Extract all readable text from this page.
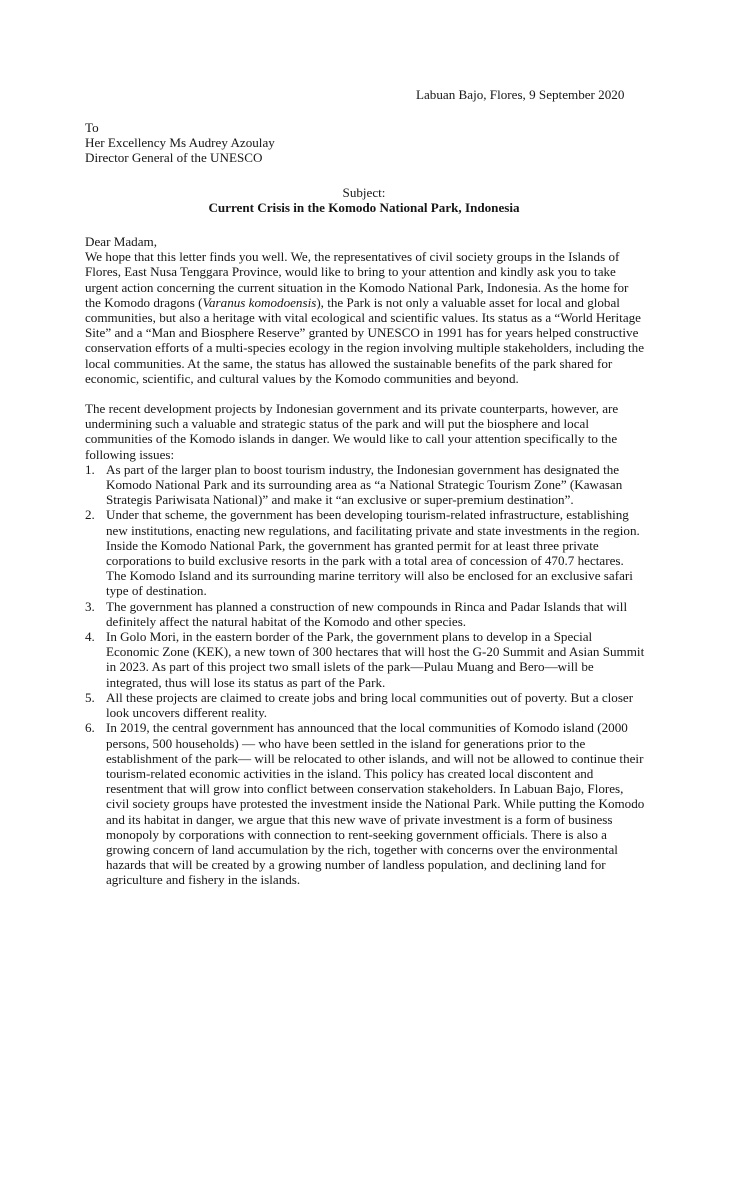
Labuan Bajo, Flores, 9 September 2020
To
Her Excellency Ms Audrey Azoulay
Director General of the UNESCO
Subject:
Current Crisis in the Komodo National Park, Indonesia

Dear Madam,

We hope that this letter finds you well. We, the representatives of civil society groups in the Islands of Flores, East Nusa Tenggara Province, would like to bring to your attention and kindly ask you to take urgent action concerning the current situation in the Komodo National Park, Indonesia. As the home for the Komodo dragons (Varanus komodoensis), the Park is not only a valuable asset for local and global communities, but also a heritage with vital ecological and scientific values. Its status as a “World Heritage Site” and a “Man and Biosphere Reserve” granted by UNESCO in 1991 has for years helped constructive conservation efforts of a multi-species ecology in the region involving multiple stakeholders, including the local communities. At the same, the status has allowed the sustainable benefits of the park shared for economic, scientific, and cultural values by the Komodo communities and beyond.

The recent development projects by Indonesian government and its private counterparts, however, are undermining such a valuable and strategic status of the park and will put the biosphere and local communities of the Komodo islands in danger. We would like to call your attention specifically to the following issues:

1. As part of the larger plan to boost tourism industry, the Indonesian government has designated the Komodo National Park and its surrounding area as “a National Strategic Tourism Zone” (Kawasan Strategis Pariwisata National)” and make it “an exclusive or super-premium destination”.
2. Under that scheme, the government has been developing tourism-related infrastructure, establishing new institutions, enacting new regulations, and facilitating private and state investments in the region. Inside the Komodo National Park, the government has granted permit for at least three private corporations to build exclusive resorts in the park with a total area of concession of 470.7 hectares. The Komodo Island and its surrounding marine territory will also be enclosed for an exclusive safari type of destination.
3. The government has planned a construction of new compounds in Rinca and Padar Islands that will definitely affect the natural habitat of the Komodo and other species.
4. In Golo Mori, in the eastern border of the Park, the government plans to develop in a Special Economic Zone (KEK), a new town of 300 hectares that will host the G-20 Summit and Asian Summit in 2023. As part of this project two small islets of the park—Pulau Muang and Bero—will be integrated, thus will lose its status as part of the Park.
5. All these projects are claimed to create jobs and bring local communities out of poverty. But a closer look uncovers different reality.
6. In 2019, the central government has announced that the local communities of Komodo island (2000 persons, 500 households) — who have been settled in the island for generations prior to the establishment of the park— will be relocated to other islands, and will not be allowed to continue their tourism-related economic activities in the island. This policy has created local discontent and resentment that will grow into conflict between conservation stakeholders. In Labuan Bajo, Flores, civil society groups have protested the investment inside the National Park. While putting the Komodo and its habitat in danger, we argue that this new wave of private investment is a form of business monopoly by corporations with connection to rent-seeking government officials. There is also a growing concern of land accumulation by the rich, together with concerns over the environmental hazards that will be created by a growing number of landless population, and declining land for agriculture and fishery in the islands.
